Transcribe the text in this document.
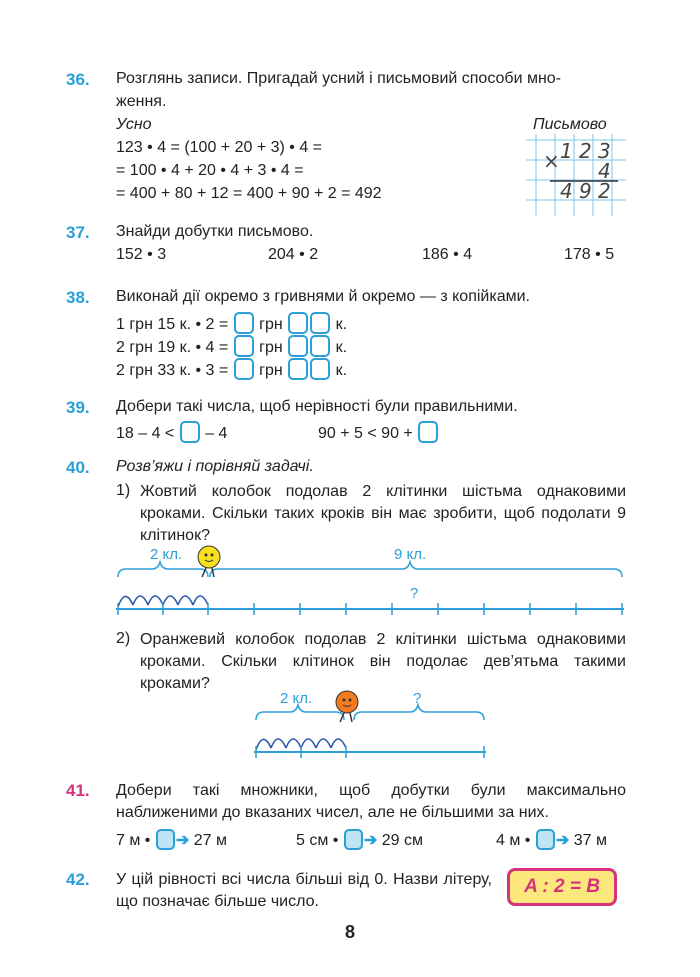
36. Розглянь записи. Пригадай усний і письмовий способи мно-
ження.
Усно	Письмово
123 • 4 = (100 + 20 + 3) • 4 =
= 100 • 4 + 20 • 4 + 3 • 4 =
= 400 + 80 + 12 = 400 + 90 + 2 = 492
× 1 2 3
4
4 9 2
37. Знайди добутки письмово.
152 • 3	204 • 2	186 • 4	178 • 5
38. Виконай дії окремо з гривнями й окремо — з копійками.
1 грн 15 к. • 2 = грн	к.
2 грн 19 к. • 4 = грн	к.
2 грн 33 к. • 3 = грн	к.
39. Добери такі числа, щоб нерівності були правильними.
18 – 4 < – 4	90 + 5 < 90 +
40. Розв’яжи і порівняй задачі.
1) Жовтий колобок подолав 2 клітинки шістьма однаковими кроками. Скільки таких кроків він має зробити, щоб подолати 9 клітинок?
2 кл.	9 кл.
?
2) Оранжевий колобок подолав 2 клітинки шістьма однаковими кроками. Скільки клітинок він подолає дев’ятьма такими кроками?
2 кл.	?
41. Добери такі множники, щоб добутки були максимально наближеними до вказаних чисел, але не більшими за них.
7 м • ➔ 27 м	5 см • ➔ 29 см	4 м • ➔ 37 м
42. У цій рівності всі числа більші від 0. Назви літеру, що позначає більше число.
A : 2 = B
8
